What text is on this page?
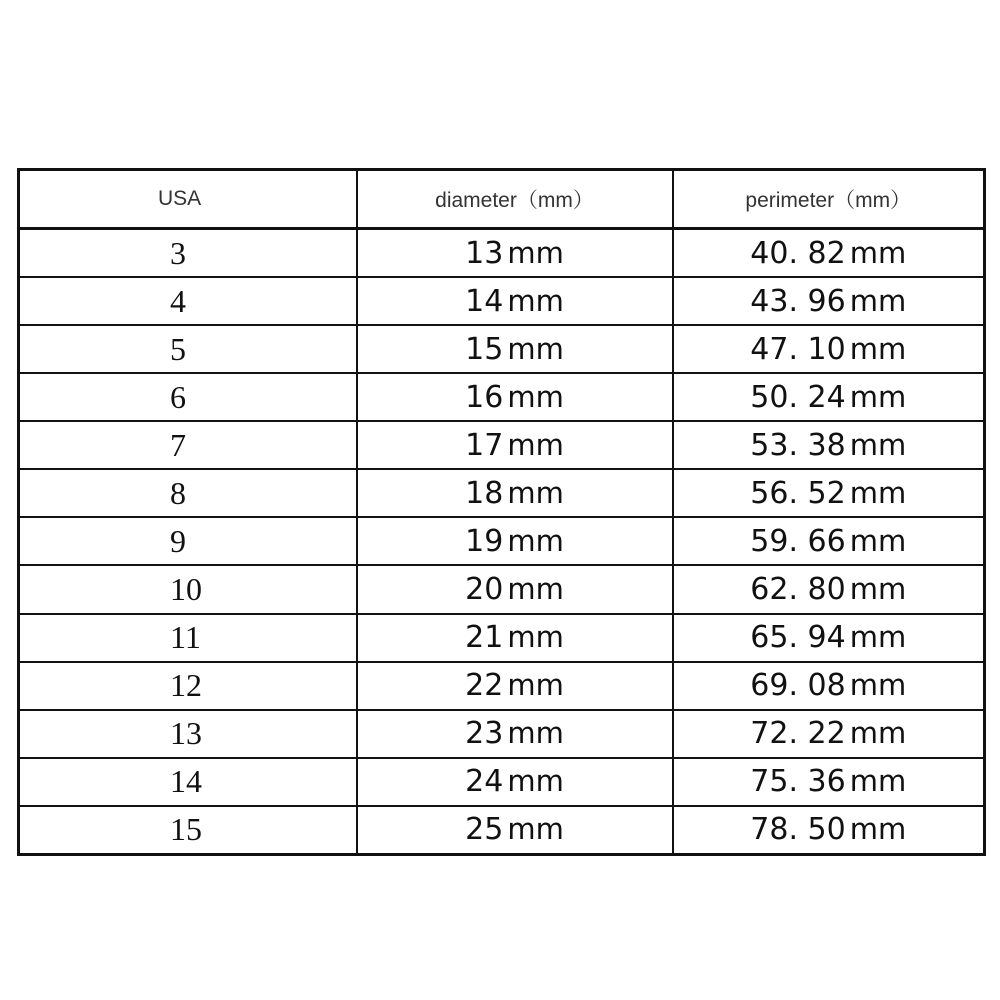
USA	diameter（mm）	perimeter（mm）
3	13 mm	40. 82 mm
4	14 mm	43. 96 mm
5	15 mm	47. 10 mm
6	16 mm	50. 24 mm
7	17 mm	53. 38 mm
8	18 mm	56. 52 mm
9	19 mm	59. 66 mm
10	20 mm	62. 80 mm
11	21 mm	65. 94 mm
12	22 mm	69. 08 mm
13	23 mm	72. 22 mm
14	24 mm	75. 36 mm
15	25 mm	78. 50 mm
